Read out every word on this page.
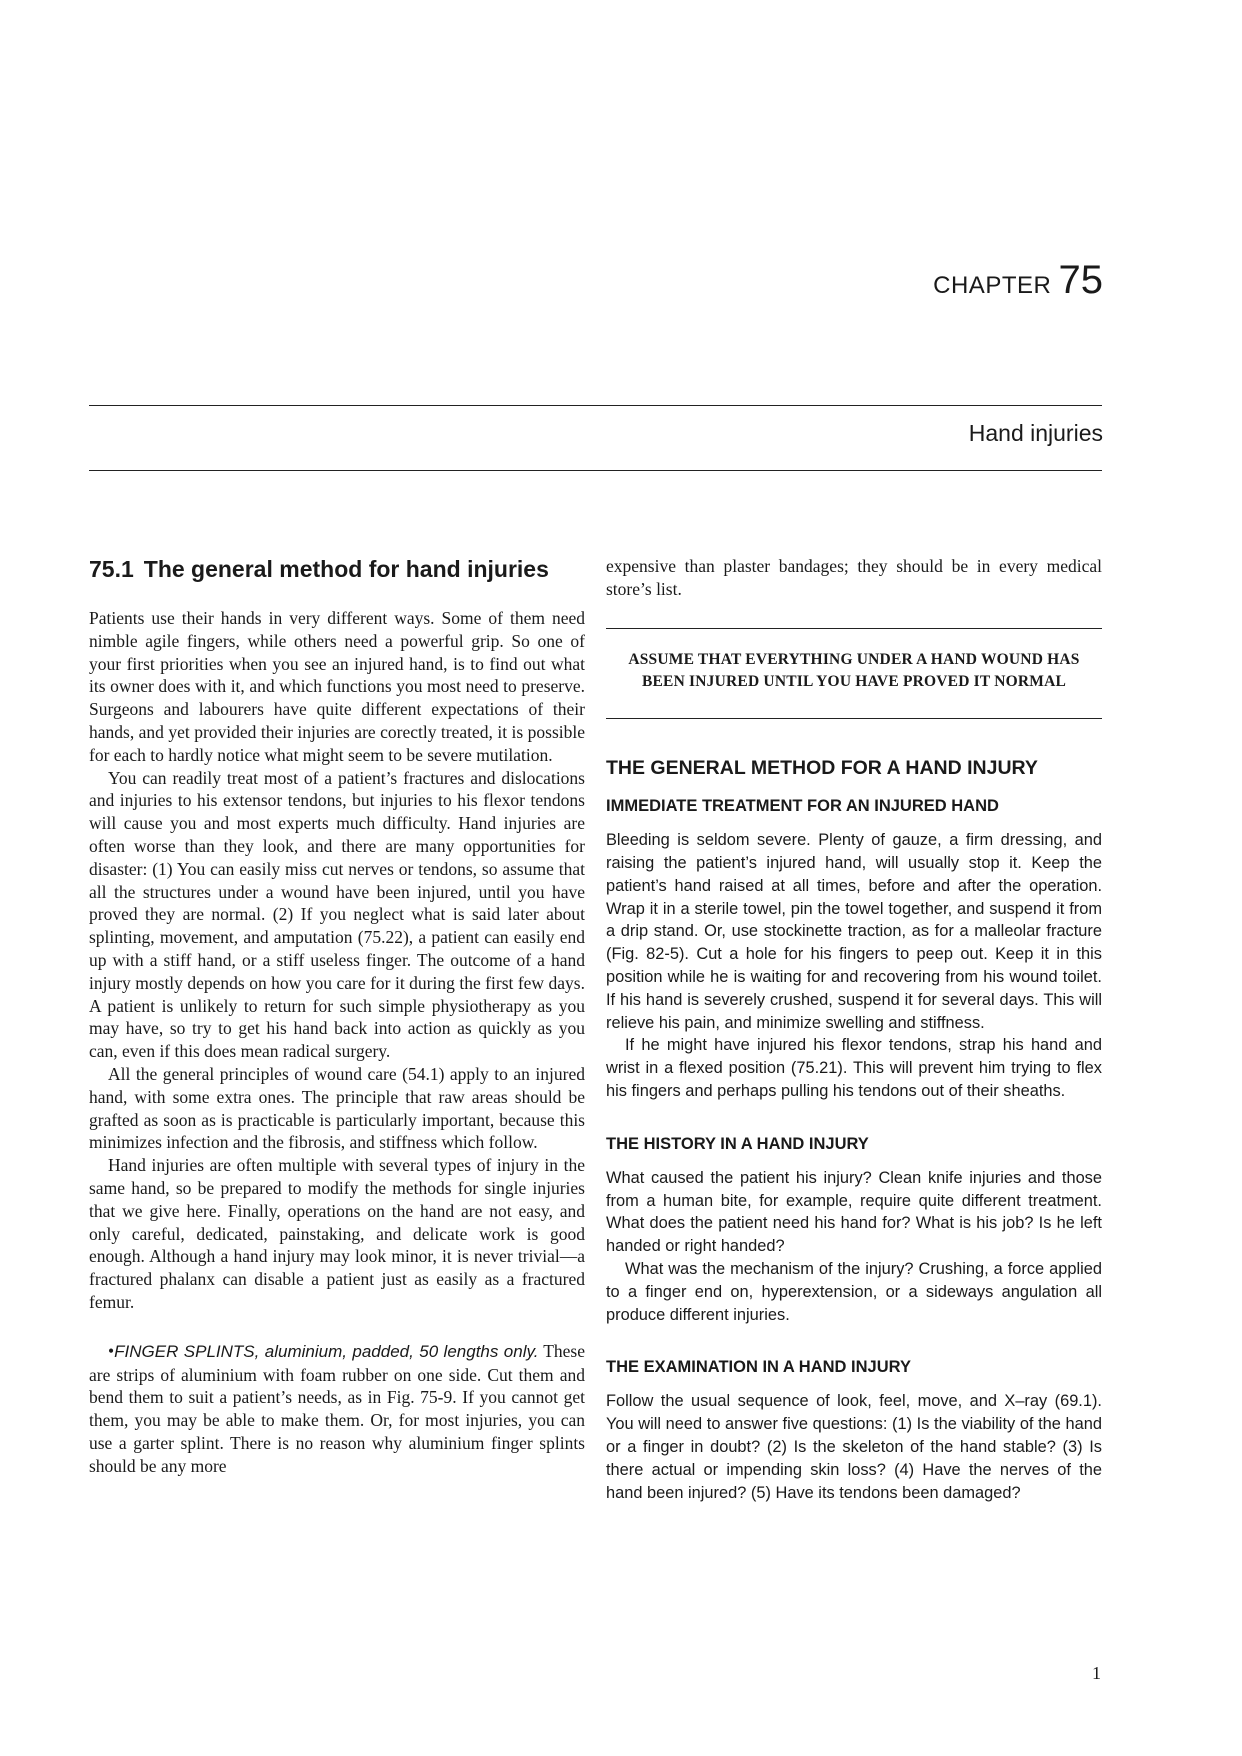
CHAPTER 75
Hand injuries
75.1 The general method for hand injuries

Patients use their hands in very different ways. Some of them need nimble agile fingers, while others need a powerful grip. So one of your first priorities when you see an injured hand, is to find out what its owner does with it, and which functions you most need to preserve. Surgeons and labourers have quite different expectations of their hands, and yet provided their injuries are corectly treated, it is possible for each to hardly notice what might seem to be severe mutilation.

You can readily treat most of a patient’s fractures and dislocations and injuries to his extensor tendons, but injuries to his flexor tendons will cause you and most experts much difficulty. Hand injuries are often worse than they look, and there are many opportunities for disaster: (1) You can easily miss cut nerves or tendons, so assume that all the structures under a wound have been injured, until you have proved they are normal. (2) If you neglect what is said later about splinting, movement, and amputation (75.22), a patient can easily end up with a stiff hand, or a stiff useless finger. The outcome of a hand injury mostly depends on how you care for it during the first few days. A patient is unlikely to return for such simple physiotherapy as you may have, so try to get his hand back into action as quickly as you can, even if this does mean radical surgery.

All the general principles of wound care (54.1) apply to an injured hand, with some extra ones. The principle that raw areas should be grafted as soon as is practicable is particularly important, because this minimizes infection and the fibrosis, and stiffness which follow.

Hand injuries are often multiple with several types of injury in the same hand, so be prepared to modify the methods for single injuries that we give here. Finally, operations on the hand are not easy, and only careful, dedicated, painstaking, and delicate work is good enough. Although a hand injury may look minor, it is never trivial—a fractured phalanx can disable a patient just as easily as a fractured femur.

•FINGER SPLINTS, aluminium, padded, 50 lengths only. These are strips of aluminium with foam rubber on one side. Cut them and bend them to suit a patient’s needs, as in Fig. 75-9. If you cannot get them, you may be able to make them. Or, for most injuries, you can use a garter splint. There is no reason why aluminium finger splints should be any more

expensive than plaster bandages; they should be in every medical store’s list.

ASSUME THAT EVERYTHING UNDER A HAND WOUND HAS BEEN INJURED UNTIL YOU HAVE PROVED IT NORMAL

THE GENERAL METHOD FOR A HAND INJURY
IMMEDIATE TREATMENT FOR AN INJURED HAND

Bleeding is seldom severe. Plenty of gauze, a firm dressing, and raising the patient’s injured hand, will usually stop it. Keep the patient’s hand raised at all times, before and after the operation. Wrap it in a sterile towel, pin the towel together, and suspend it from a drip stand. Or, use stockinette traction, as for a malleolar fracture (Fig. 82-5). Cut a hole for his fingers to peep out. Keep it in this position while he is waiting for and recovering from his wound toilet. If his hand is severely crushed, suspend it for several days. This will relieve his pain, and minimize swelling and stiffness.

If he might have injured his flexor tendons, strap his hand and wrist in a flexed position (75.21). This will prevent him trying to flex his fingers and perhaps pulling his tendons out of their sheaths.

THE HISTORY IN A HAND INJURY

What caused the patient his injury? Clean knife injuries and those from a human bite, for example, require quite different treatment. What does the patient need his hand for? What is his job? Is he left handed or right handed?

What was the mechanism of the injury? Crushing, a force applied to a finger end on, hyperextension, or a sideways angulation all produce different injuries.

THE EXAMINATION IN A HAND INJURY

Follow the usual sequence of look, feel, move, and X–ray (69.1). You will need to answer five questions: (1) Is the viability of the hand or a finger in doubt? (2) Is the skeleton of the hand stable? (3) Is there actual or impending skin loss? (4) Have the nerves of the hand been injured? (5) Have its tendons been damaged?

1
